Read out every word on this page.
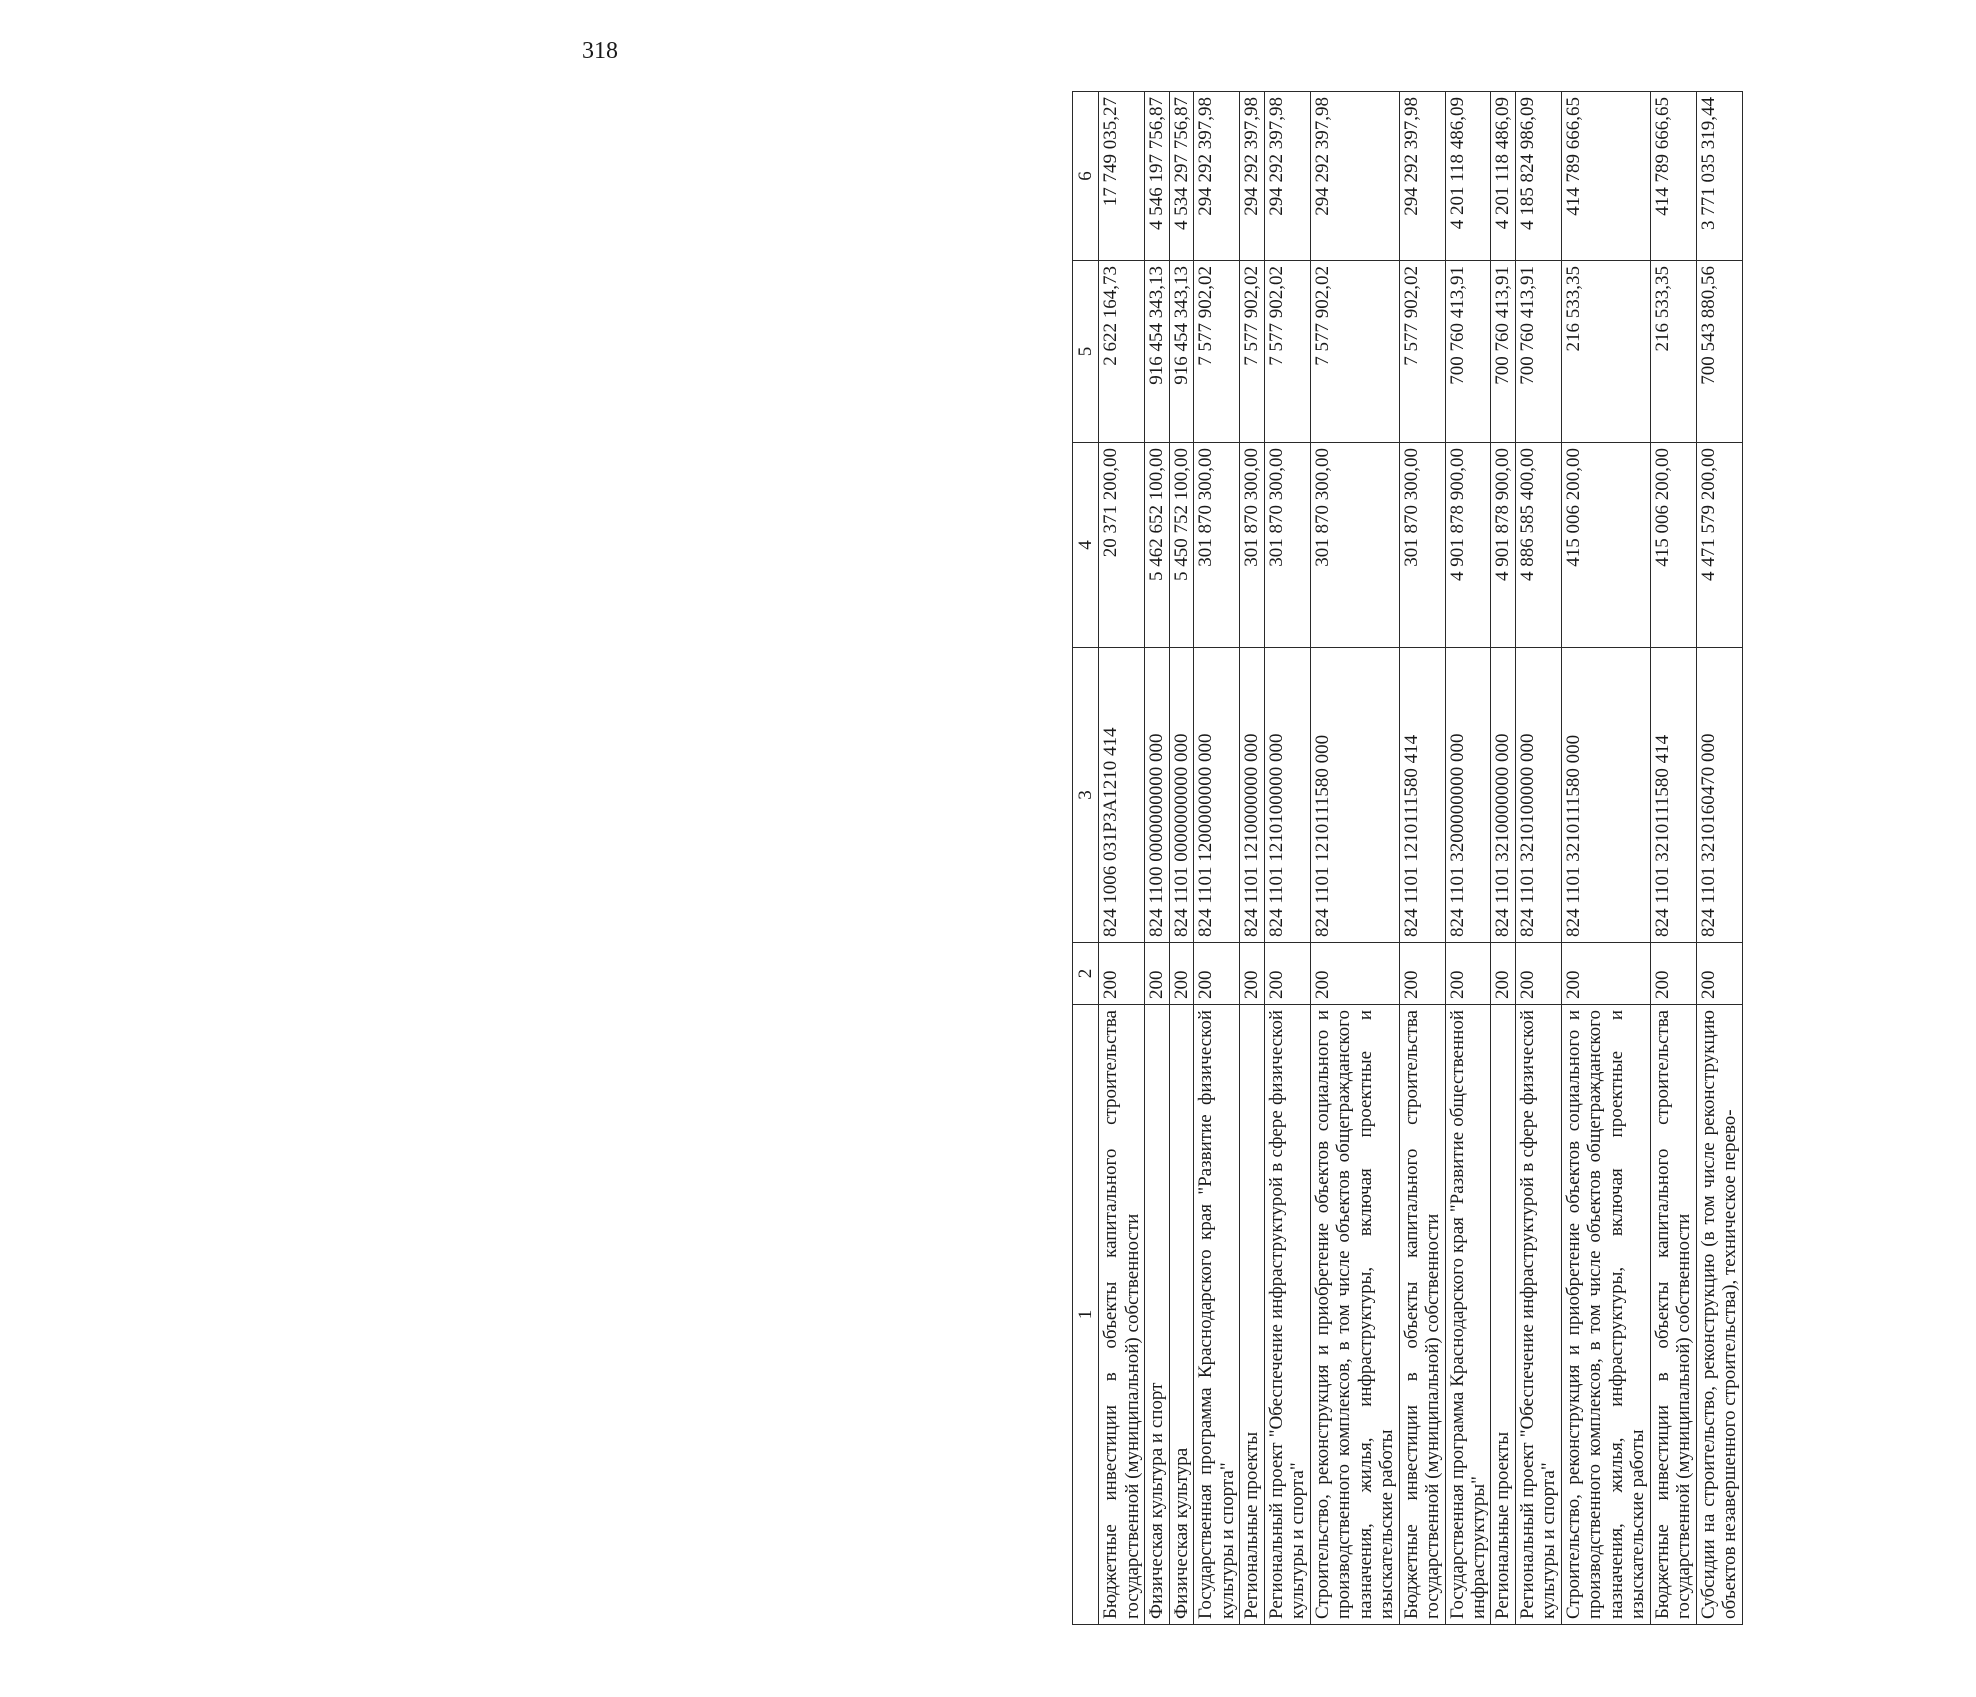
318
1	2	3	4	5	6
Бюджетные инвестиции в объекты капитального строительства государственной (муниципальной) собственности	200	824 1006 031P3A1210 414	20 371 200,00	2 622 164,73	17 749 035,27
Физическая культура и спорт	200	824 1100 0000000000 000	5 462 652 100,00	916 454 343,13	4 546 197 756,87
Физическая культура	200	824 1101 0000000000 000	5 450 752 100,00	916 454 343,13	4 534 297 756,87
Государственная программа Краснодарского края "Развитие физической культуры и спорта"	200	824 1101 1200000000 000	301 870 300,00	7 577 902,02	294 292 397,98
Региональные проекты	200	824 1101 1210000000 000	301 870 300,00	7 577 902,02	294 292 397,98
Региональный проект "Обеспечение инфраструктурой в сфере физической культуры и спорта"	200	824 1101 1210100000 000	301 870 300,00	7 577 902,02	294 292 397,98
Строительство, реконструкция и приобретение объектов социального и производственного комплексов, в том числе объектов общегражданского назначения, жилья, инфраструктуры, включая проектные и изыскательские работы	200	824 1101 1210111580 000	301 870 300,00	7 577 902,02	294 292 397,98
Бюджетные инвестиции в объекты капитального строительства государственной (муниципальной) собственности	200	824 1101 1210111580 414	301 870 300,00	7 577 902,02	294 292 397,98
Государственная программа Краснодарского края "Развитие общественной инфраструктуры"	200	824 1101 3200000000 000	4 901 878 900,00	700 760 413,91	4 201 118 486,09
Региональные проекты	200	824 1101 3210000000 000	4 901 878 900,00	700 760 413,91	4 201 118 486,09
Региональный проект "Обеспечение инфраструктурой в сфере физической культуры и спорта"	200	824 1101 3210100000 000	4 886 585 400,00	700 760 413,91	4 185 824 986,09
Строительство, реконструкция и приобретение объектов социального и производственного комплексов, в том числе объектов общегражданского назначения, жилья, инфраструктуры, включая проектные и изыскательские работы	200	824 1101 3210111580 000	415 006 200,00	216 533,35	414 789 666,65
Бюджетные инвестиции в объекты капитального строительства государственной (муниципальной) собственности	200	824 1101 3210111580 414	415 006 200,00	216 533,35	414 789 666,65
Субсидии на строительство, реконструкцию (в том числе реконструкцию объектов незавершенного строительства), техническое перево-	200	824 1101 3210160470 000	4 471 579 200,00	700 543 880,56	3 771 035 319,44
